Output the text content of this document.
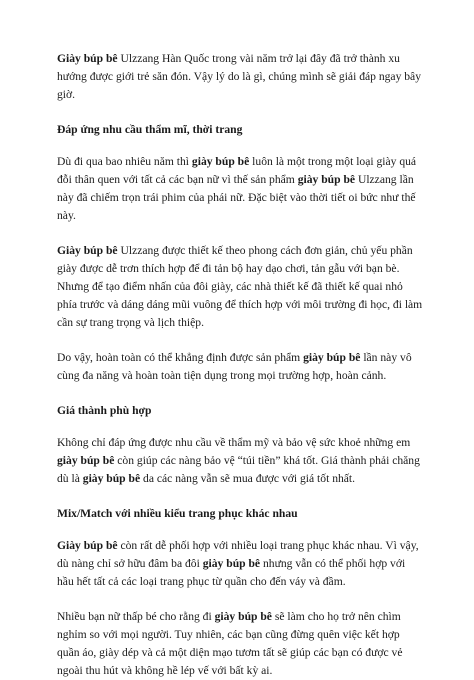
Giày búp bê Ulzzang Hàn Quốc trong vài năm trở lại đây đã trở thành xu hướng được giới trẻ săn đón. Vậy lý do là gì, chúng mình sẽ giải đáp ngay bây giờ.

Đáp ứng nhu cầu thẩm mĩ, thời trang

Dù đi qua bao nhiêu năm thì giày búp bê luôn là một trong một loại giày quá đỗi thân quen với tất cả các bạn nữ vì thế sản phẩm giày búp bê Ulzzang lần này đã chiếm trọn trái phim của phái nữ. Đặc biệt vào thời tiết oi bức như thế này.

Giày búp bê Ulzzang được thiết kế theo phong cách đơn giản, chủ yếu phần giày được dễ trơn thích hợp để đi tản bộ hay dạo chơi, tản gẫu với bạn bè. Nhưng để tạo điểm nhấn của đôi giày, các nhà thiết kế đã thiết kế quai nhỏ phía trước và dáng dáng mũi vuông để thích hợp với môi trường đi học, đi làm cần sự trang trọng và lịch thiệp.

Do vậy, hoàn toàn có thể khẳng định được sản phẩm giày búp bê lần này vô cùng đa năng và hoàn toàn tiện dụng trong mọi trường hợp, hoàn cảnh.

Giá thành phù hợp

Không chỉ đáp ứng được nhu cầu về thẩm mỹ và bảo vệ sức khoẻ những em giày búp bê còn giúp các nàng bảo vệ “túi tiền” khá tốt. Giá thành phải chăng dù là giày búp bê da các nàng vẫn sẽ mua được với giá tốt nhất.

Mix/Match với nhiều kiểu trang phục khác nhau

Giày búp bê còn rất dễ phối hợp với nhiều loại trang phục khác nhau. Vì vậy, dù nàng chỉ sở hữu đâm ba đôi giày búp bê nhưng vẫn có thể phối hợp với hầu hết tất cả các loại trang phục từ quần cho đến váy và đầm.

Nhiều bạn nữ thấp bé cho rằng đi giày búp bê sẽ làm cho họ trở nên chìm nghỉm so với mọi người. Tuy nhiên, các bạn cũng đừng quên việc kết hợp quần áo, giày dép và cả một diện mạo tươm tất sẽ giúp các bạn có được vẻ ngoài thu hút và không hề lép vế với bất kỳ ai.
